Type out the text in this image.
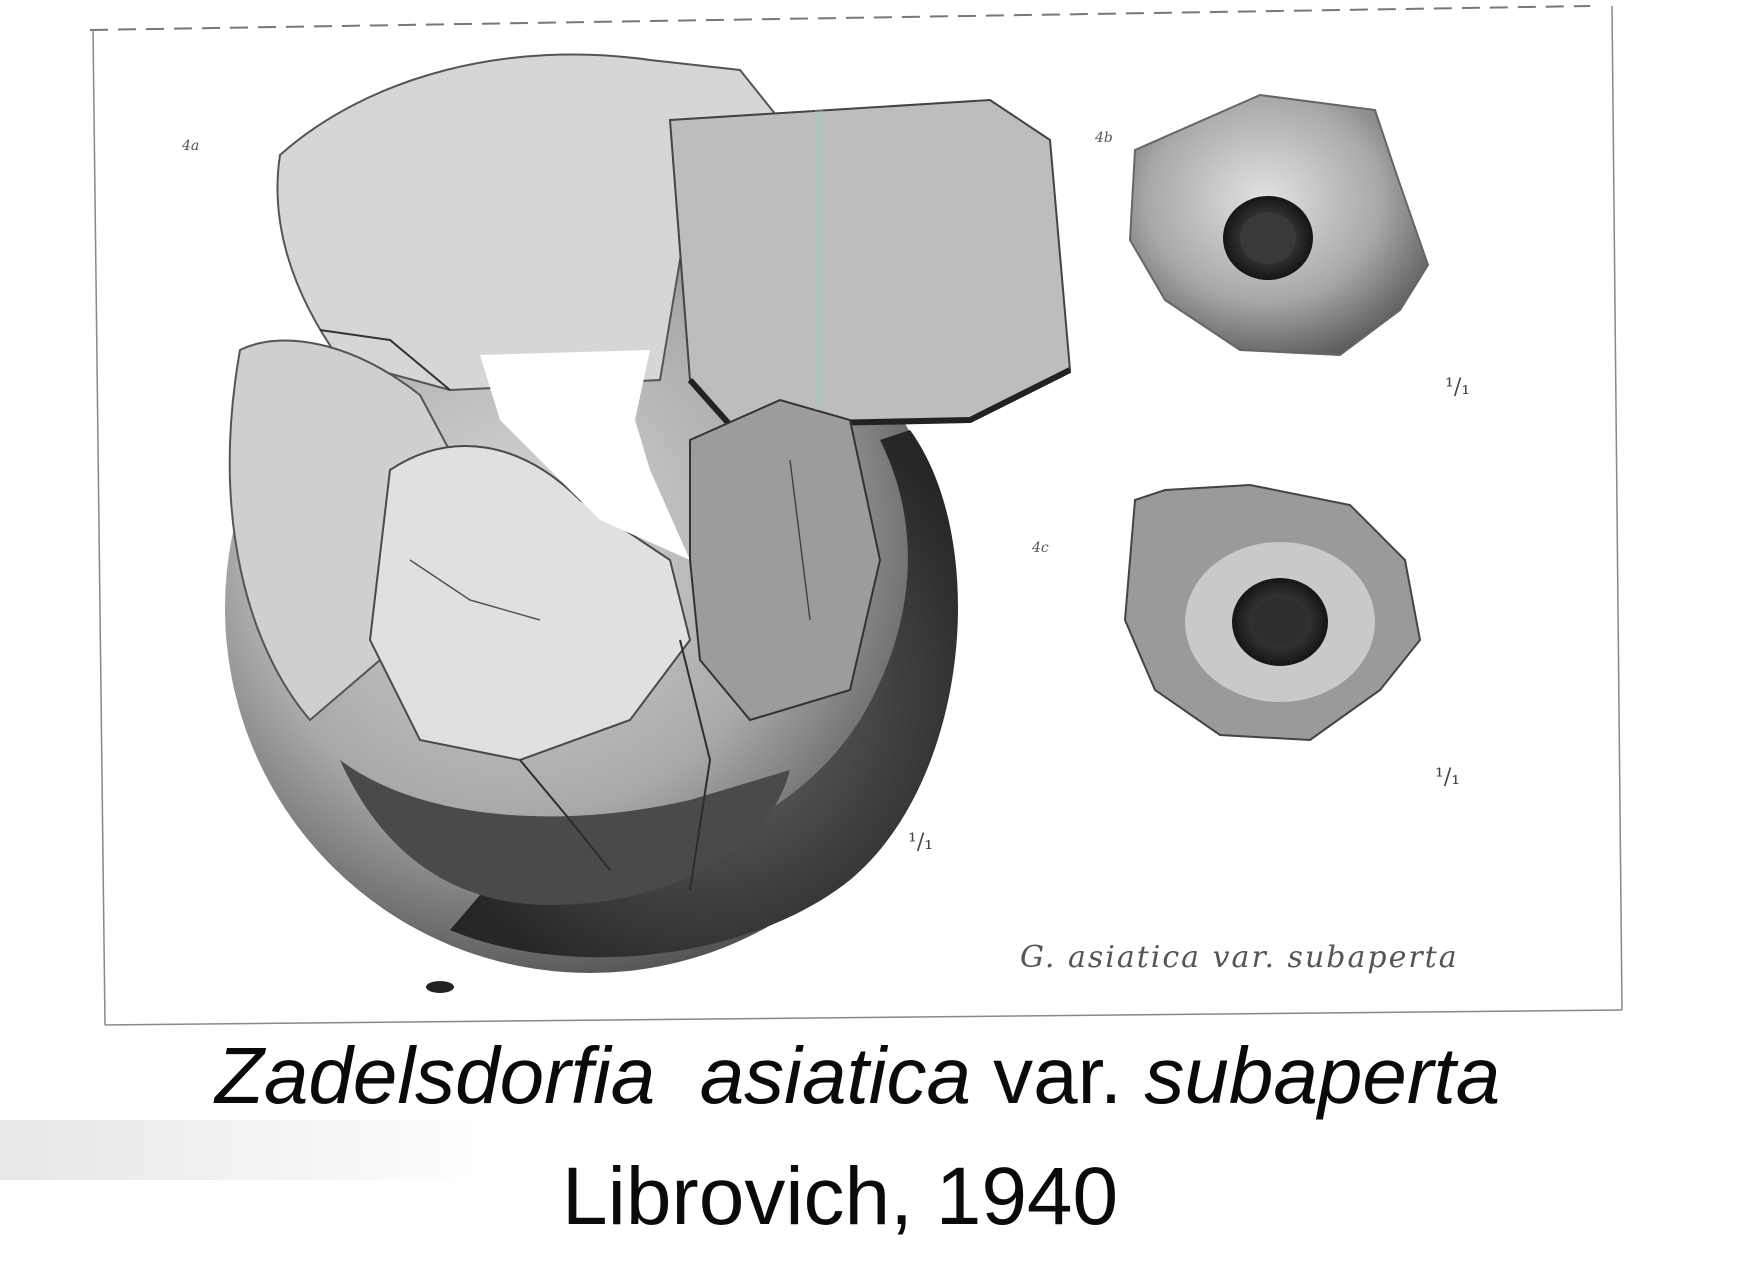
4a	4b
4c
¹/₁
¹/₁
¹/₁
G. asiatica var. subaperta
Zadelsdorfia asiatica var. subaperta
Librovich, 1940
